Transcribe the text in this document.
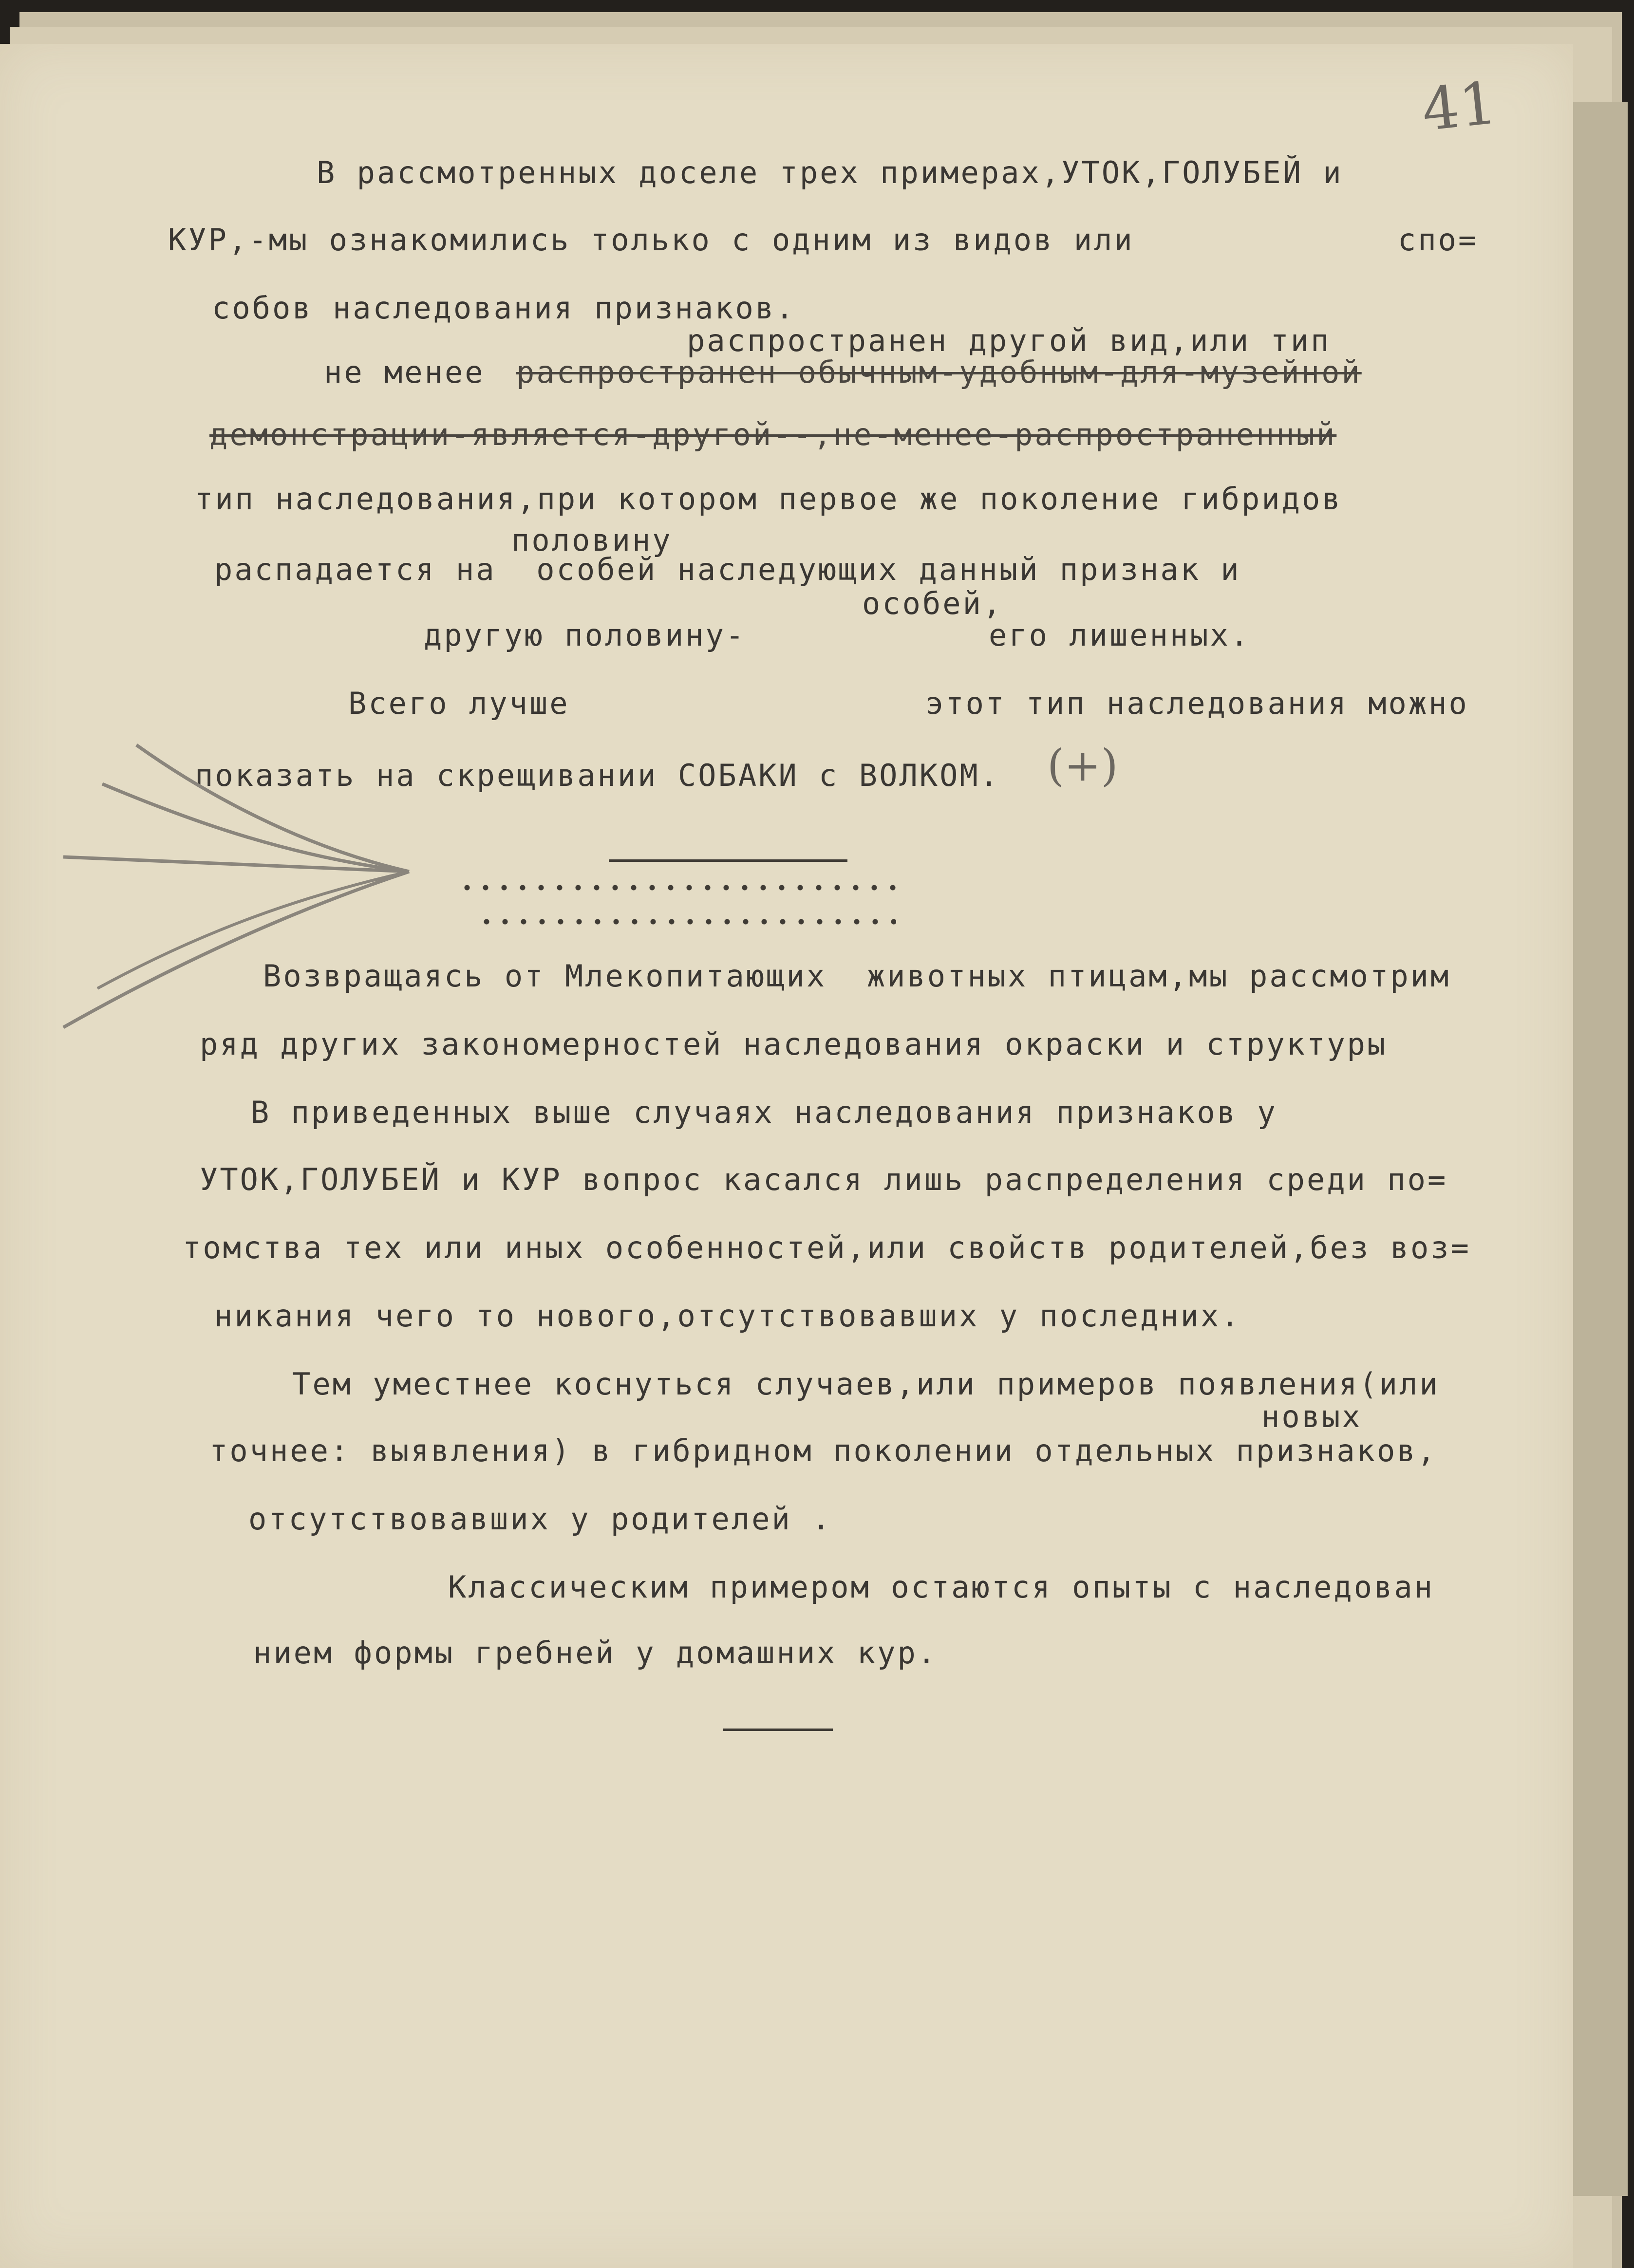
41
В рассмотренных доселе трех примерах,УТОК,ГОЛУБЕЙ и
КУР,-мы ознакомились только с одним из видов или	спо=
собов наследования признаков.
распространен другой вид,или тип
не менее распространен обычным-удобным-для-музейной
демонстрации-является-другой--,не-менее-распространенный
тип наследования,при котором первое же поколение гибридов
половину
распадается на  особей наследующих данный признак и
особей,
другую половину-	его лишенных.
Всего лучше	этот тип наследования можно
показать на скрещивании СОБАКИ с ВОЛКОМ. (+)
Возвращаясь от Млекопитающих  животных птицам,мы рассмотрим
ряд других закономерностей наследования окраски и структуры
В приведенных выше случаях наследования признаков у
УТОК,ГОЛУБЕЙ и КУР вопрос касался лишь распределения среди по=
томства тех или иных особенностей,или свойств родителей,без воз=
никания чего то нового,отсутствовавших у последних.
Тем уместнее коснуться случаев,или примеров появления(или
новых
точнее: выявления) в гибридном поколении отдельных признаков,
отсутствовавших у родителей .
Классическим примером остаются опыты с наследован
нием формы гребней у домашних кур.
